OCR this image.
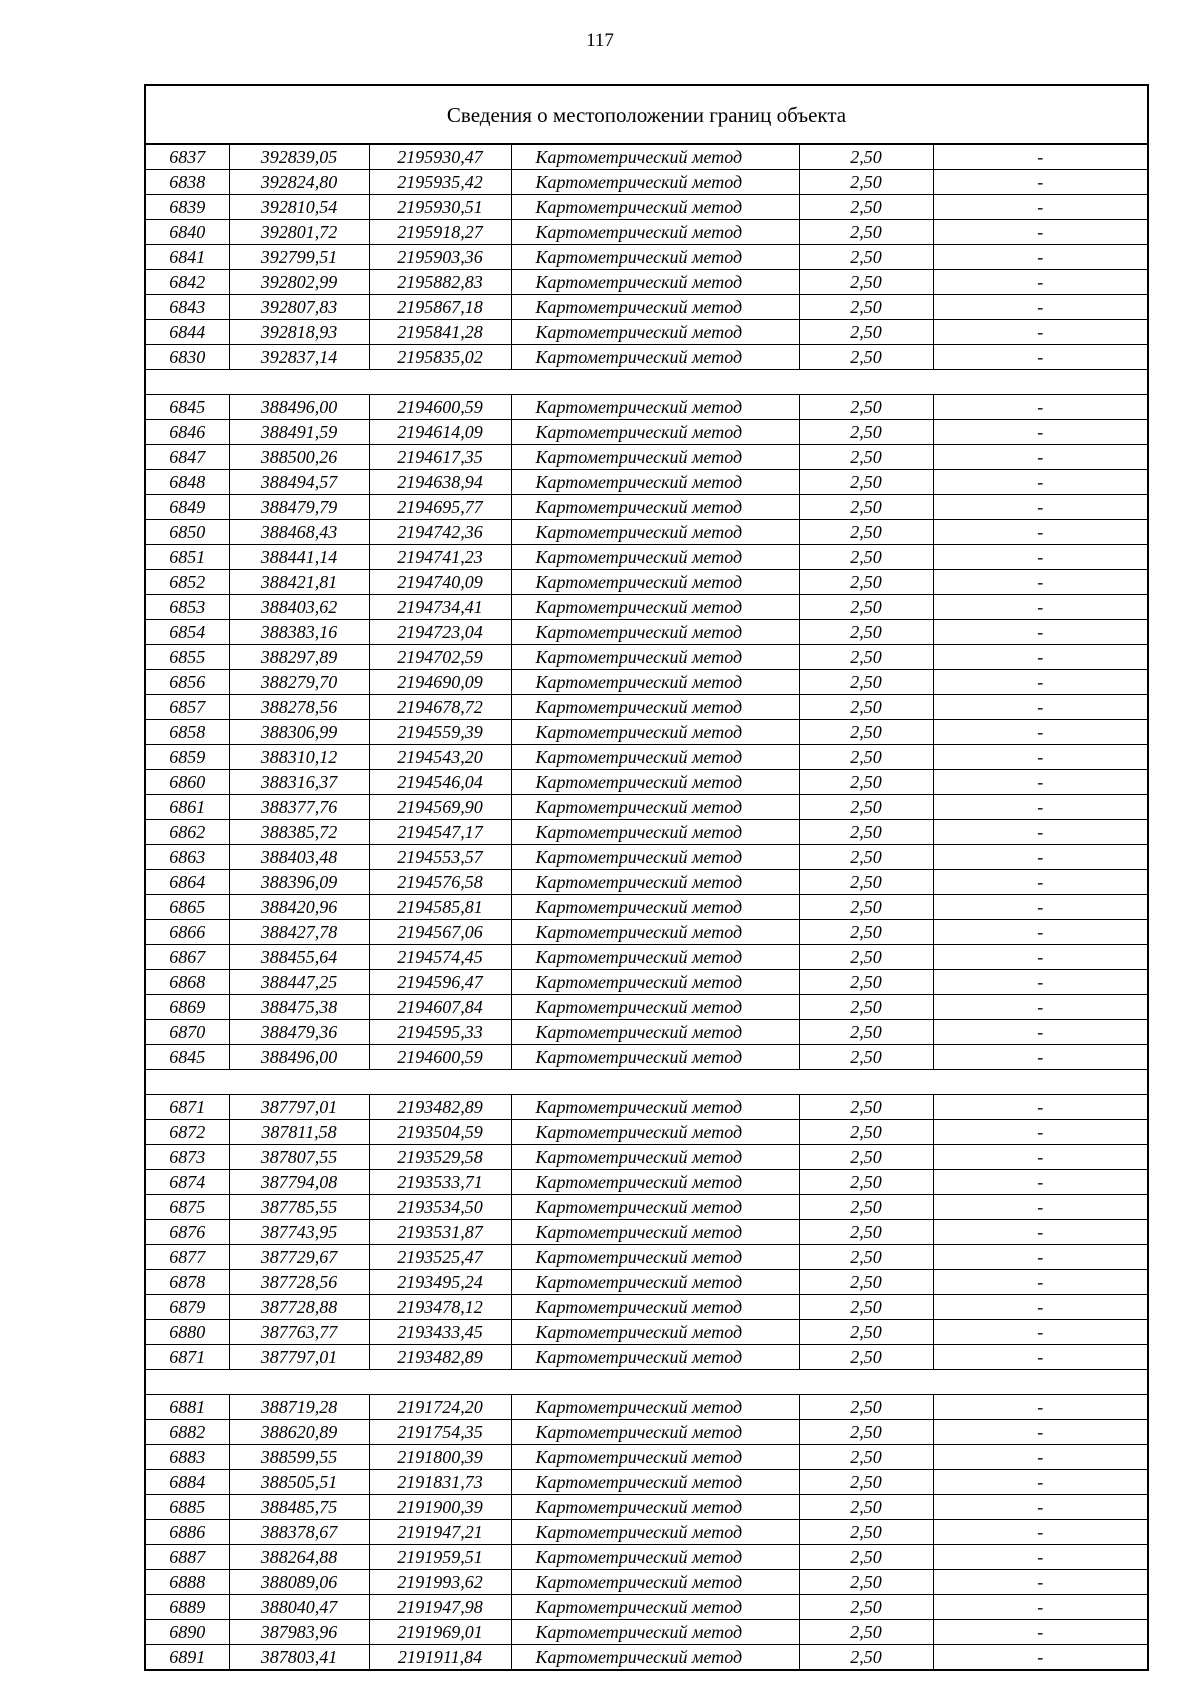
117
Сведения о местоположении границ объекта					
6837	392839,05	2195930,47	Картометрический метод	2,50	-
6838	392824,80	2195935,42	Картометрический метод	2,50	-
6839	392810,54	2195930,51	Картометрический метод	2,50	-
6840	392801,72	2195918,27	Картометрический метод	2,50	-
6841	392799,51	2195903,36	Картометрический метод	2,50	-
6842	392802,99	2195882,83	Картометрический метод	2,50	-
6843	392807,83	2195867,18	Картометрический метод	2,50	-
6844	392818,93	2195841,28	Картометрический метод	2,50	-
6830	392837,14	2195835,02	Картометрический метод	2,50	-

6845	388496,00	2194600,59	Картометрический метод	2,50	-
6846	388491,59	2194614,09	Картометрический метод	2,50	-
6847	388500,26	2194617,35	Картометрический метод	2,50	-
6848	388494,57	2194638,94	Картометрический метод	2,50	-
6849	388479,79	2194695,77	Картометрический метод	2,50	-
6850	388468,43	2194742,36	Картометрический метод	2,50	-
6851	388441,14	2194741,23	Картометрический метод	2,50	-
6852	388421,81	2194740,09	Картометрический метод	2,50	-
6853	388403,62	2194734,41	Картометрический метод	2,50	-
6854	388383,16	2194723,04	Картометрический метод	2,50	-
6855	388297,89	2194702,59	Картометрический метод	2,50	-
6856	388279,70	2194690,09	Картометрический метод	2,50	-
6857	388278,56	2194678,72	Картометрический метод	2,50	-
6858	388306,99	2194559,39	Картометрический метод	2,50	-
6859	388310,12	2194543,20	Картометрический метод	2,50	-
6860	388316,37	2194546,04	Картометрический метод	2,50	-
6861	388377,76	2194569,90	Картометрический метод	2,50	-
6862	388385,72	2194547,17	Картометрический метод	2,50	-
6863	388403,48	2194553,57	Картометрический метод	2,50	-
6864	388396,09	2194576,58	Картометрический метод	2,50	-
6865	388420,96	2194585,81	Картометрический метод	2,50	-
6866	388427,78	2194567,06	Картометрический метод	2,50	-
6867	388455,64	2194574,45	Картометрический метод	2,50	-
6868	388447,25	2194596,47	Картометрический метод	2,50	-
6869	388475,38	2194607,84	Картометрический метод	2,50	-
6870	388479,36	2194595,33	Картометрический метод	2,50	-
6845	388496,00	2194600,59	Картометрический метод	2,50	-

6871	387797,01	2193482,89	Картометрический метод	2,50	-
6872	387811,58	2193504,59	Картометрический метод	2,50	-
6873	387807,55	2193529,58	Картометрический метод	2,50	-
6874	387794,08	2193533,71	Картометрический метод	2,50	-
6875	387785,55	2193534,50	Картометрический метод	2,50	-
6876	387743,95	2193531,87	Картометрический метод	2,50	-
6877	387729,67	2193525,47	Картометрический метод	2,50	-
6878	387728,56	2193495,24	Картометрический метод	2,50	-
6879	387728,88	2193478,12	Картометрический метод	2,50	-
6880	387763,77	2193433,45	Картометрический метод	2,50	-
6871	387797,01	2193482,89	Картометрический метод	2,50	-

6881	388719,28	2191724,20	Картометрический метод	2,50	-
6882	388620,89	2191754,35	Картометрический метод	2,50	-
6883	388599,55	2191800,39	Картометрический метод	2,50	-
6884	388505,51	2191831,73	Картометрический метод	2,50	-
6885	388485,75	2191900,39	Картометрический метод	2,50	-
6886	388378,67	2191947,21	Картометрический метод	2,50	-
6887	388264,88	2191959,51	Картометрический метод	2,50	-
6888	388089,06	2191993,62	Картометрический метод	2,50	-
6889	388040,47	2191947,98	Картометрический метод	2,50	-
6890	387983,96	2191969,01	Картометрический метод	2,50	-
6891	387803,41	2191911,84	Картометрический метод	2,50	-
